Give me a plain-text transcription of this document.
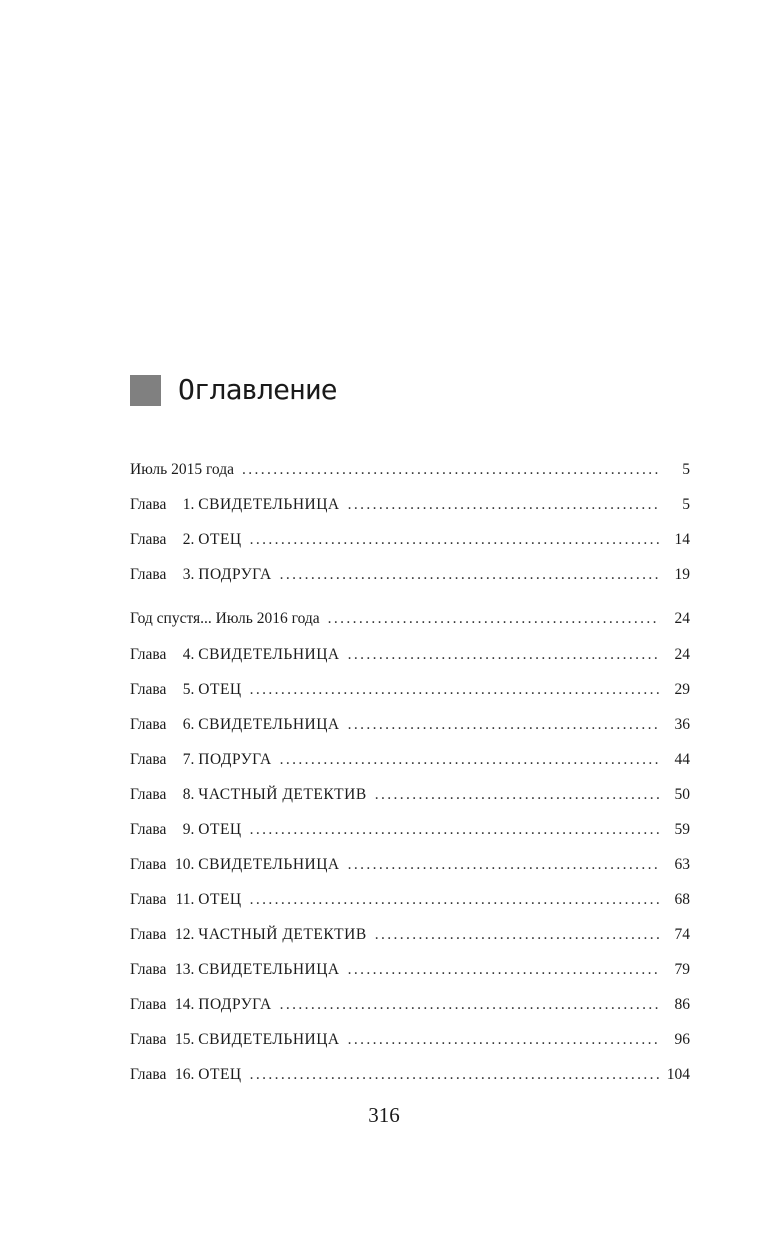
Оглавление
Июль 2015 года . . .	5
Глава 1. СВИДЕТЕЛЬНИЦА . . .	5
Глава 2. ОТЕЦ . . .	14
Глава 3. ПОДРУГА . . .	19
Год спустя... Июль 2016 года . . .	24
Глава 4. СВИДЕТЕЛЬНИЦА . . .	24
Глава 5. ОТЕЦ . . .	29
Глава 6. СВИДЕТЕЛЬНИЦА . . .	36
Глава 7. ПОДРУГА . . .	44
Глава 8. ЧАСТНЫЙ ДЕТЕКТИВ . . .	50
Глава 9. ОТЕЦ . . .	59
Глава 10. СВИДЕТЕЛЬНИЦА . . .	63
Глава 11. ОТЕЦ . . .	68
Глава 12. ЧАСТНЫЙ ДЕТЕКТИВ . . .	74
Глава 13. СВИДЕТЕЛЬНИЦА . . .	79
Глава 14. ПОДРУГА . . .	86
Глава 15. СВИДЕТЕЛЬНИЦА . . .	96
Глава 16. ОТЕЦ . . .	104
316
